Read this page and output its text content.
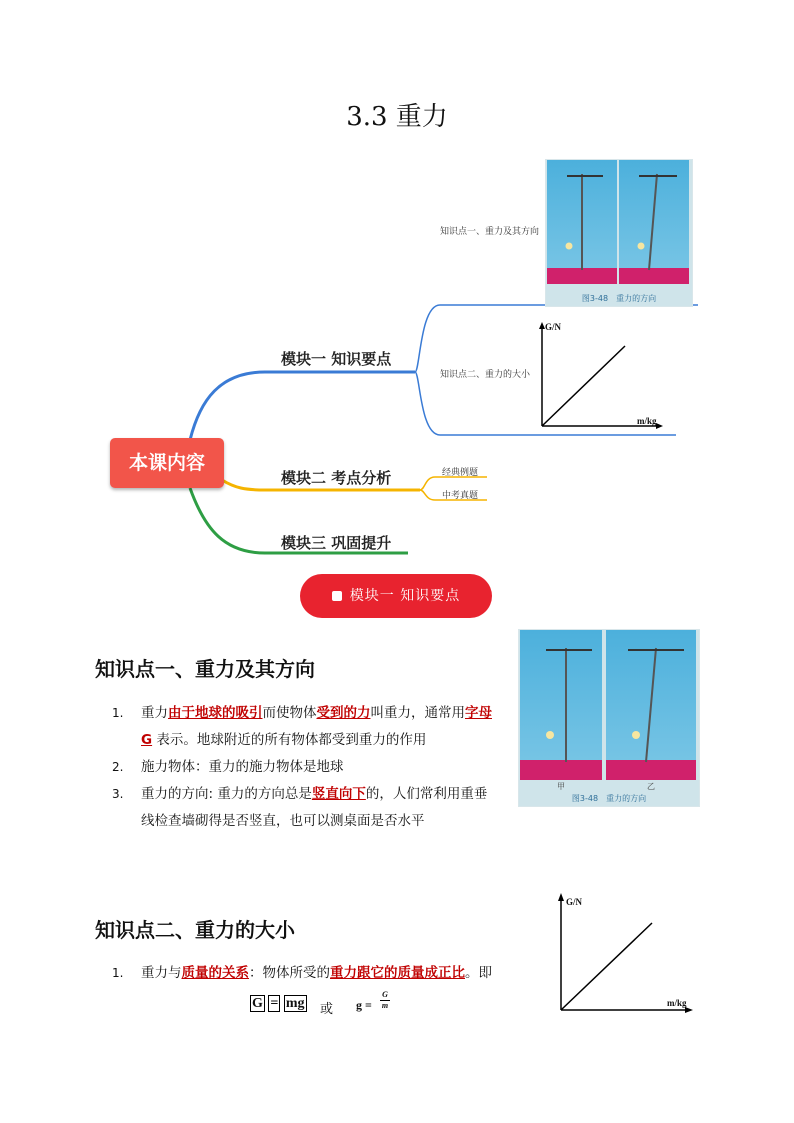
3.3 重力
本课内容
模块一 知识要点
模块二 考点分析
模块三 巩固提升
知识点一、重力及其方向
知识点二、重力的大小
经典例题
中考真题
图3-48　重力的方向
G/N
m/kg
模块一 知识要点
知识点一、重力及其方向
甲	乙
图3-48　重力的方向
1. 重力由于地球的吸引而使物体受到的力叫重力，通常用字母
G 表示。地球附近的所有物体都受到重力的作用
2. 施力物体：重力的施力物体是地球
3. 重力的方向: 重力的方向总是竖直向下的，人们常利用重垂
线检查墙砌得是否竖直，也可以测桌面是否水平
知识点二、重力的大小
G/N
m/kg
1. 重力与质量的关系：物体所受的重力跟它的质量成正比。即
G = mg 或 $g = \frac{G}{m}$
